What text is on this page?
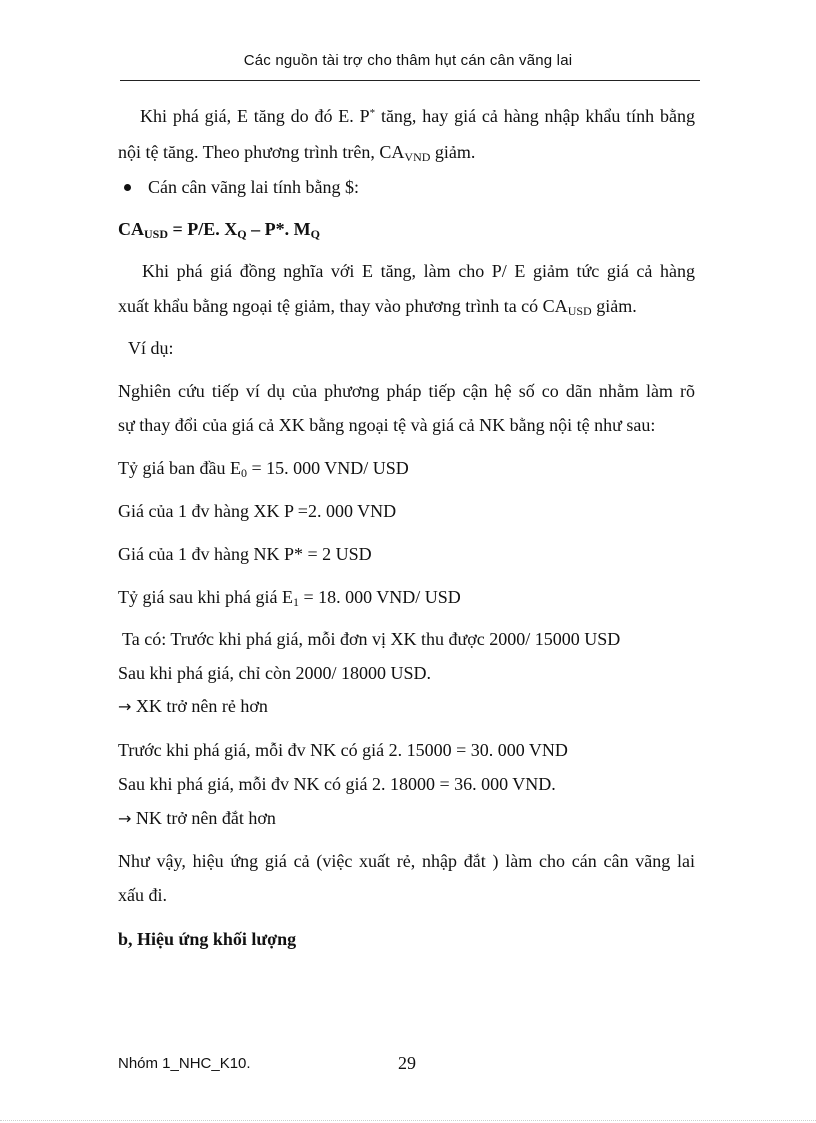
Các nguồn tài trợ cho thâm hụt cán cân vãng lai
Khi phá giá, E tăng do đó E. P* tăng, hay giá cả hàng nhập khẩu tính bằng
nội tệ tăng. Theo phương trình trên, $CA_{VND}$ giảm.
Cán cân vãng lai tính bằng $:
$CA_{USD} = P/E$. $X_Q - P*$. $M_Q$
Khi phá giá đồng nghĩa với E tăng, làm cho P/ E giảm tức giá cả hàng
xuất khẩu bằng ngoại tệ giảm, thay vào phương trình ta có $CA_{USD}$ giảm.
Ví dụ:
Nghiên cứu tiếp ví dụ của phương pháp tiếp cận hệ số co dãn nhằm làm rõ
sự thay đổi của giá cả XK bằng ngoại tệ và giá cả NK bằng nội tệ như sau:
Tỷ giá ban đầu $E_0 = 15$. 000 VND/ USD
Giá của 1 đv hàng XK P =2. 000 VND
Giá của 1 đv hàng NK P* = 2 USD
Tỷ giá sau khi phá giá $E_1 = 18$. 000 VND/ USD
Ta có: Trước khi phá giá, mỗi đơn vị XK thu được 2000/ 15000 USD
Sau khi phá giá, chỉ còn 2000/ 18000 USD.
→ XK trở nên rẻ hơn
Trước khi phá giá, mỗi đv NK có giá 2. 15000 = 30. 000 VND
Sau khi phá giá, mỗi đv NK có giá 2. 18000 = 36. 000 VND.
→ NK trở nên đắt hơn
Như vậy, hiệu ứng giá cả (việc xuất rẻ, nhập đắt ) làm cho cán cân vãng lai
xấu đi.
b, Hiệu ứng khối lượng
Nhóm 1_NHC_K10.	29
